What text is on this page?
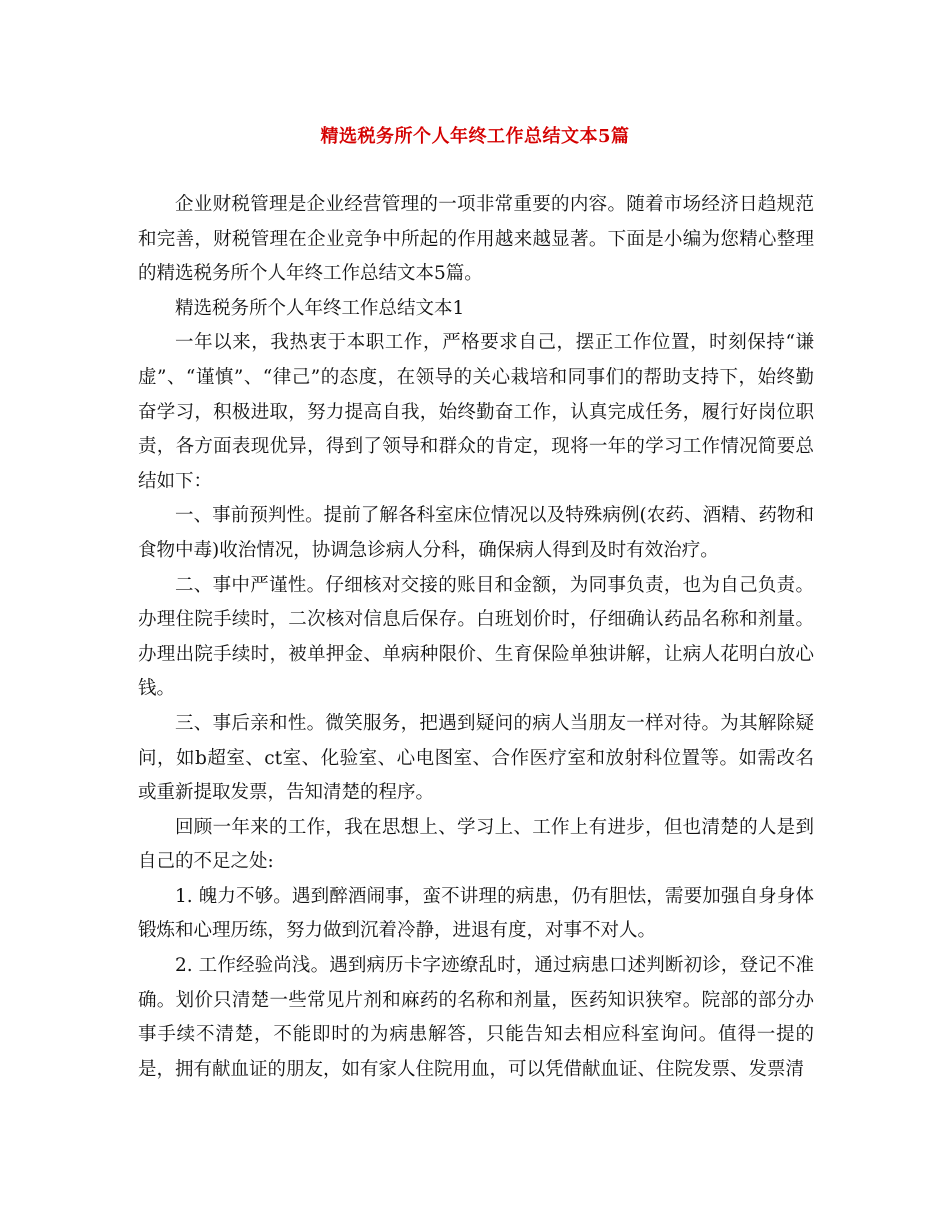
精选税务所个人年终工作总结文本5篇

企业财税管理是企业经营管理的一项非常重要的内容。随着市场经济日趋规范和完善，财税管理在企业竞争中所起的作用越来越显著。下面是小编为您精心整理的精选税务所个人年终工作总结文本5篇。

精选税务所个人年终工作总结文本1

一年以来，我热衷于本职工作，严格要求自己，摆正工作位置，时刻保持“谦虚”、“谨慎”、“律己”的态度，在领导的关心栽培和同事们的帮助支持下，始终勤奋学习，积极进取，努力提高自我，始终勤奋工作，认真完成任务，履行好岗位职责，各方面表现优异，得到了领导和群众的肯定，现将一年的学习工作情况简要总结如下：

一、事前预判性。提前了解各科室床位情况以及特殊病例(农药、酒精、药物和食物中毒)收治情况，协调急诊病人分科，确保病人得到及时有效治疗。

二、事中严谨性。仔细核对交接的账目和金额，为同事负责，也为自己负责。办理住院手续时，二次核对信息后保存。白班划价时，仔细确认药品名称和剂量。办理出院手续时，被单押金、单病种限价、生育保险单独讲解，让病人花明白放心钱。

三、事后亲和性。微笑服务，把遇到疑问的病人当朋友一样对待。为其解除疑问，如b超室、ct室、化验室、心电图室、合作医疗室和放射科位置等。如需改名或重新提取发票，告知清楚的程序。

回顾一年来的工作，我在思想上、学习上、工作上有进步，但也清楚的人是到自己的不足之处:

1. 魄力不够。遇到醉酒闹事，蛮不讲理的病患，仍有胆怯，需要加强自身身体锻炼和心理历练，努力做到沉着冷静，进退有度，对事不对人。

2. 工作经验尚浅。遇到病历卡字迹缭乱时，通过病患口述判断初诊，登记不准确。划价只清楚一些常见片剂和麻药的名称和剂量，医药知识狭窄。院部的部分办事手续不清楚，不能即时的为病患解答，只能告知去相应科室询问。值得一提的是，拥有献血证的朋友，如有家人住院用血，可以凭借献血证、住院发票、发票清
